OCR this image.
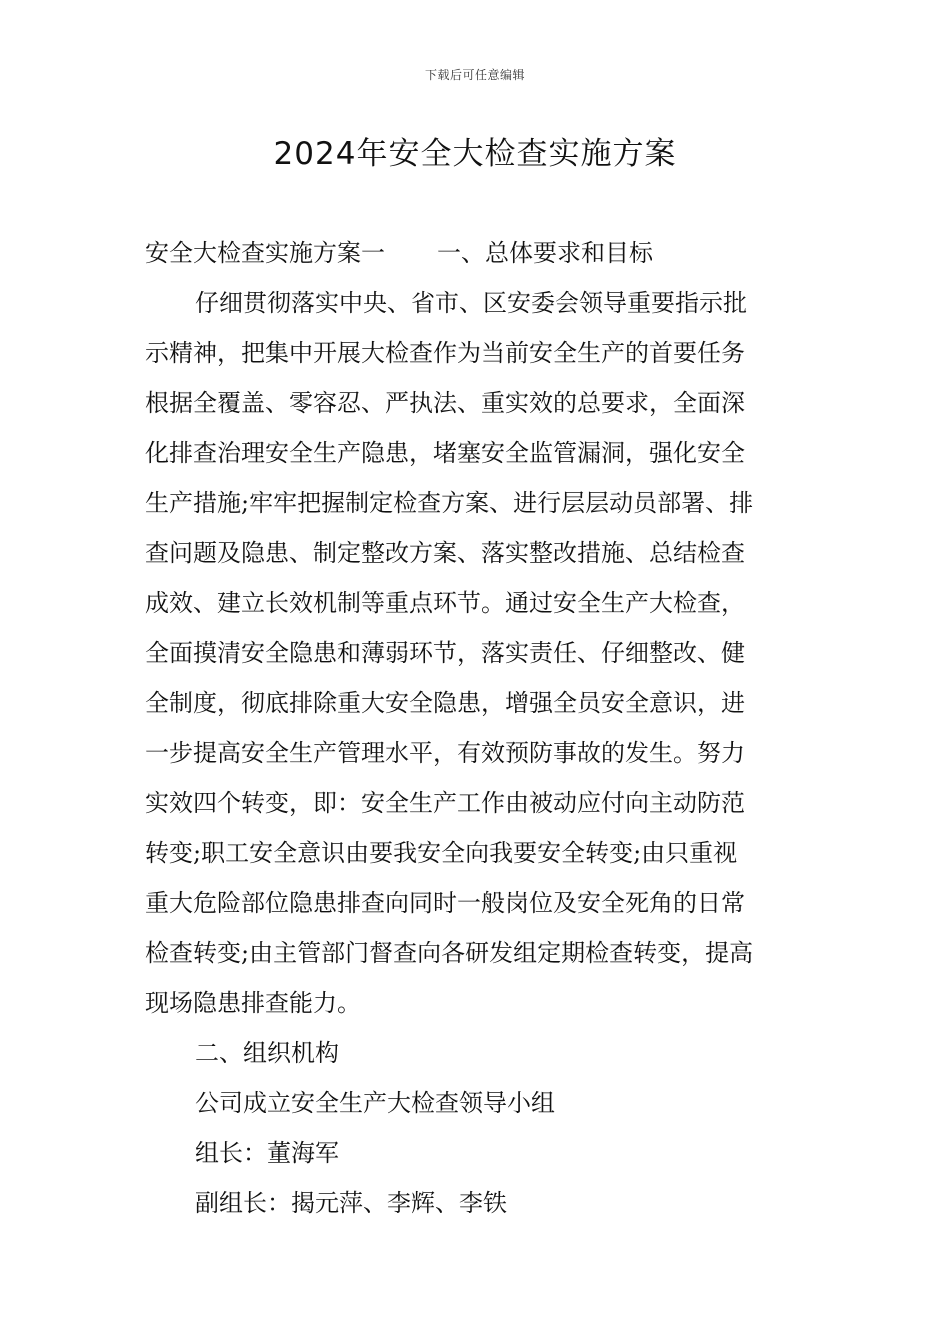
下载后可任意编辑
2024年安全大检查实施方案
安全大检查实施方案一 一、总体要求和目标
仔细贯彻落实中央、省市、区安委会领导重要指示批
示精神，把集中开展大检查作为当前安全生产的首要任务
根据全覆盖、零容忍、严执法、重实效的总要求，全面深
化排查治理安全生产隐患，堵塞安全监管漏洞，强化安全
生产措施;牢牢把握制定检查方案、进行层层动员部署、排
查问题及隐患、制定整改方案、落实整改措施、总结检查
成效、建立长效机制等重点环节。通过安全生产大检查，
全面摸清安全隐患和薄弱环节，落实责任、仔细整改、健
全制度，彻底排除重大安全隐患，增强全员安全意识，进
一步提高安全生产管理水平，有效预防事故的发生。努力
实效四个转变，即：安全生产工作由被动应付向主动防范
转变;职工安全意识由要我安全向我要安全转变;由只重视
重大危险部位隐患排查向同时一般岗位及安全死角的日常
检查转变;由主管部门督查向各研发组定期检查转变，提高
现场隐患排查能力。
二、组织机构
公司成立安全生产大检查领导小组
组长：董海军
副组长：揭元萍、李辉、李铁
